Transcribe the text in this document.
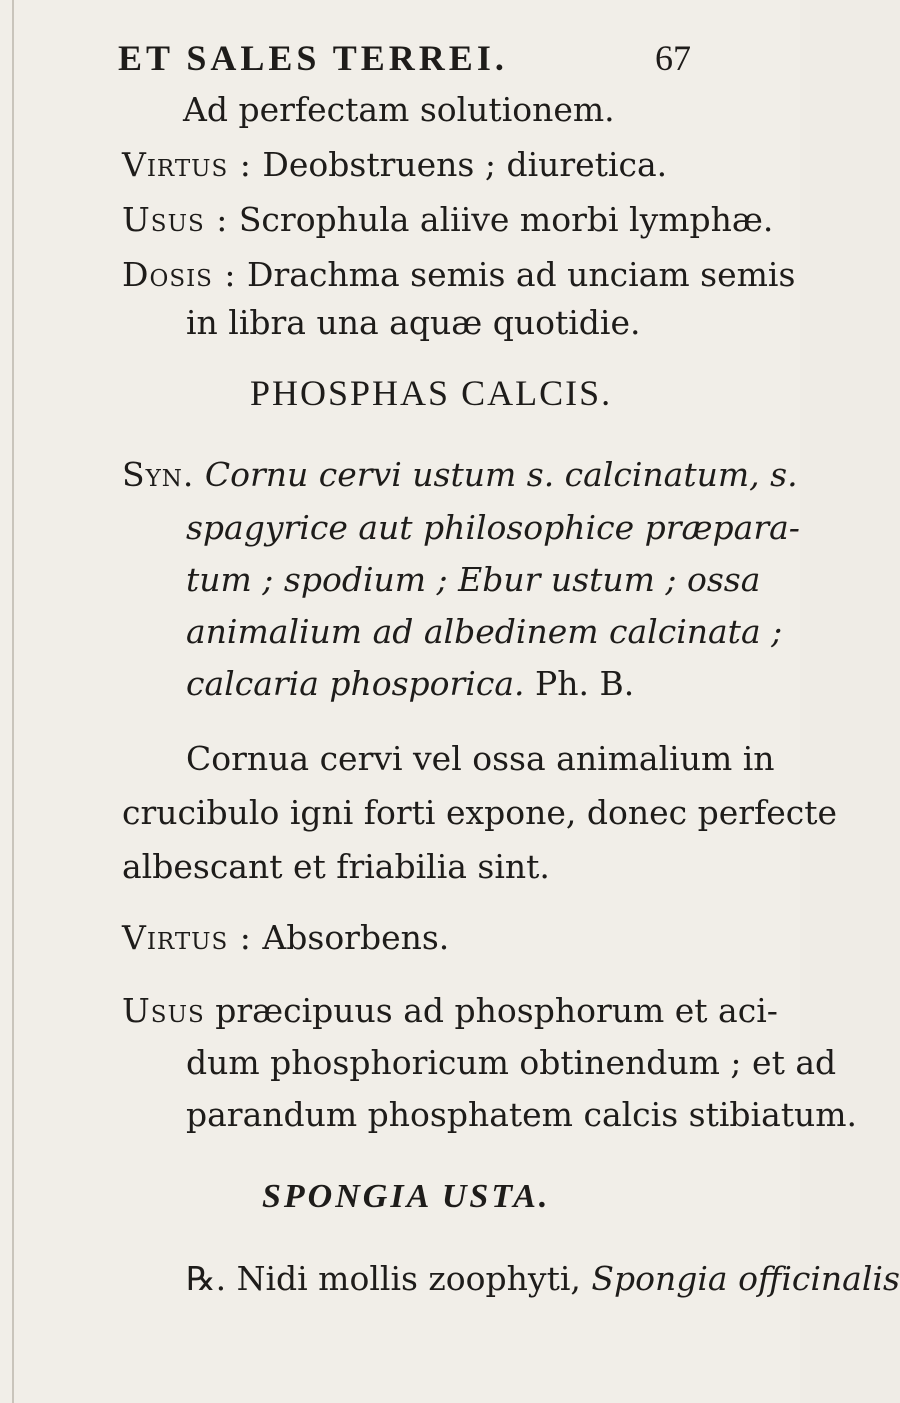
ET SALES TERREI.	67
Ad perfectam solutionem.
Virtus : Deobstruens ; diuretica.
Usus : Scrophula aliive morbi lymphæ.
Dosis : Drachma semis ad unciam semis
in libra una aquæ quotidie.
PHOSPHAS CALCIS.
Syn. Cornu cervi ustum s. calcinatum, s.
spagyrice aut philosophice præpara-
tum ; spodium ; Ebur ustum ; ossa
animalium ad albedinem calcinata ;
calcaria phosporica. Ph. B.
Cornua cervi vel ossa animalium in
crucibulo igni forti expone, donec perfecte
albescant et friabilia sint.
Virtus : Absorbens.
Usus præcipuus ad phosphorum et aci-
dum phosphoricum obtinendum ; et ad
parandum phosphatem calcis stibiatum.
SPONGIA USTA.
℞. Nidi mollis zoophyti, Spongia officinalis
